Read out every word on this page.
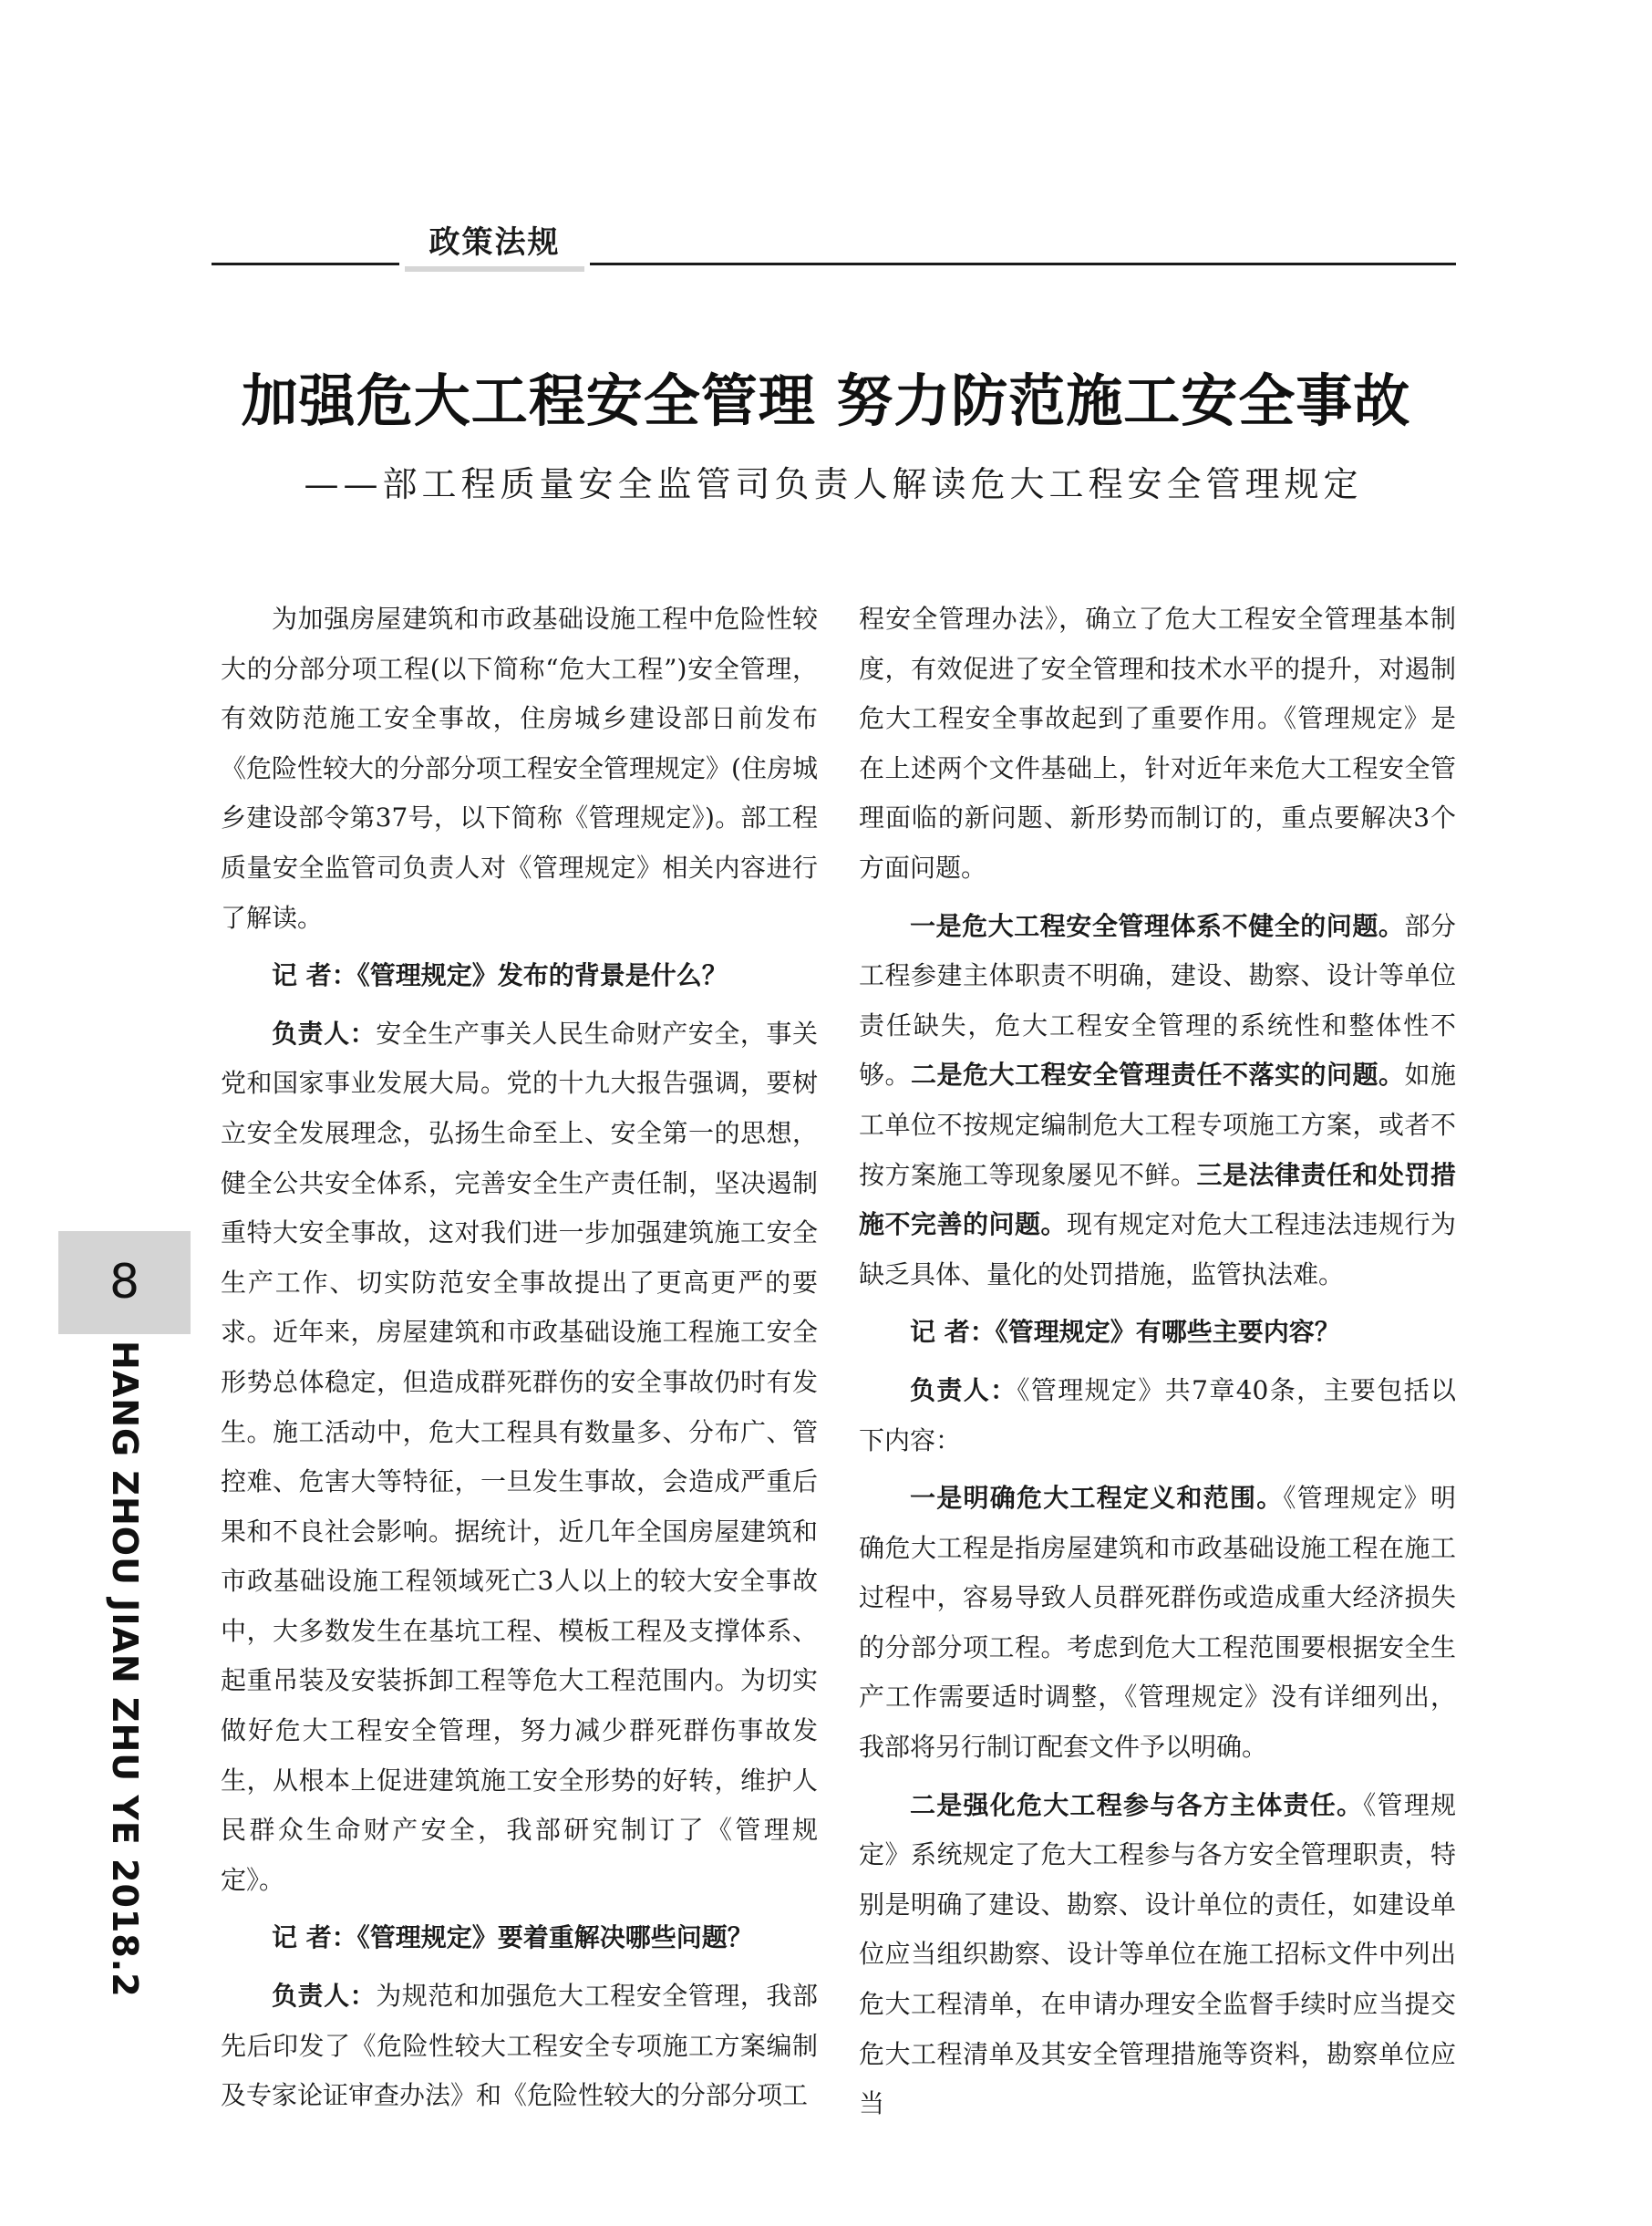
政策法规
加强危大工程安全管理 努力防范施工安全事故
——部工程质量安全监管司负责人解读危大工程安全管理规定

为加强房屋建筑和市政基础设施工程中危险性较大的分部分项工程(以下简称“危大工程”)安全管理，有效防范施工安全事故，住房城乡建设部日前发布《危险性较大的分部分项工程安全管理规定》(住房城乡建设部令第37号，以下简称《管理规定》)。部工程质量安全监管司负责人对《管理规定》相关内容进行了解读。

记 者：《管理规定》发布的背景是什么？

负责人：安全生产事关人民生命财产安全，事关党和国家事业发展大局。党的十九大报告强调，要树立安全发展理念，弘扬生命至上、安全第一的思想，健全公共安全体系，完善安全生产责任制，坚决遏制重特大安全事故，这对我们进一步加强建筑施工安全生产工作、切实防范安全事故提出了更高更严的要求。近年来，房屋建筑和市政基础设施工程施工安全形势总体稳定，但造成群死群伤的安全事故仍时有发生。施工活动中，危大工程具有数量多、分布广、管控难、危害大等特征，一旦发生事故，会造成严重后果和不良社会影响。据统计，近几年全国房屋建筑和市政基础设施工程领域死亡3人以上的较大安全事故中，大多数发生在基坑工程、模板工程及支撑体系、起重吊装及安装拆卸工程等危大工程范围内。为切实做好危大工程安全管理，努力减少群死群伤事故发生，从根本上促进建筑施工安全形势的好转，维护人民群众生命财产安全，我部研究制订了《管理规定》。

记 者：《管理规定》要着重解决哪些问题？

负责人：为规范和加强危大工程安全管理，我部先后印发了《危险性较大工程安全专项施工方案编制及专家论证审查办法》和《危险性较大的分部分项工

程安全管理办法》，确立了危大工程安全管理基本制度，有效促进了安全管理和技术水平的提升，对遏制危大工程安全事故起到了重要作用。《管理规定》是在上述两个文件基础上，针对近年来危大工程安全管理面临的新问题、新形势而制订的，重点要解决3个方面问题。

一是危大工程安全管理体系不健全的问题。部分工程参建主体职责不明确，建设、勘察、设计等单位责任缺失，危大工程安全管理的系统性和整体性不够。二是危大工程安全管理责任不落实的问题。如施工单位不按规定编制危大工程专项施工方案，或者不按方案施工等现象屡见不鲜。三是法律责任和处罚措施不完善的问题。现有规定对危大工程违法违规行为缺乏具体、量化的处罚措施，监管执法难。

记 者：《管理规定》有哪些主要内容？

负责人：《管理规定》共7章40条，主要包括以下内容：

一是明确危大工程定义和范围。《管理规定》明确危大工程是指房屋建筑和市政基础设施工程在施工过程中，容易导致人员群死群伤或造成重大经济损失的分部分项工程。考虑到危大工程范围要根据安全生产工作需要适时调整，《管理规定》没有详细列出，我部将另行制订配套文件予以明确。

二是强化危大工程参与各方主体责任。《管理规定》系统规定了危大工程参与各方安全管理职责，特别是明确了建设、勘察、设计单位的责任，如建设单位应当组织勘察、设计等单位在施工招标文件中列出危大工程清单，在申请办理安全监督手续时应当提交危大工程清单及其安全管理措施等资料，勘察单位应当

8
HANG ZHOU JIAN ZHU YE 2018.2
